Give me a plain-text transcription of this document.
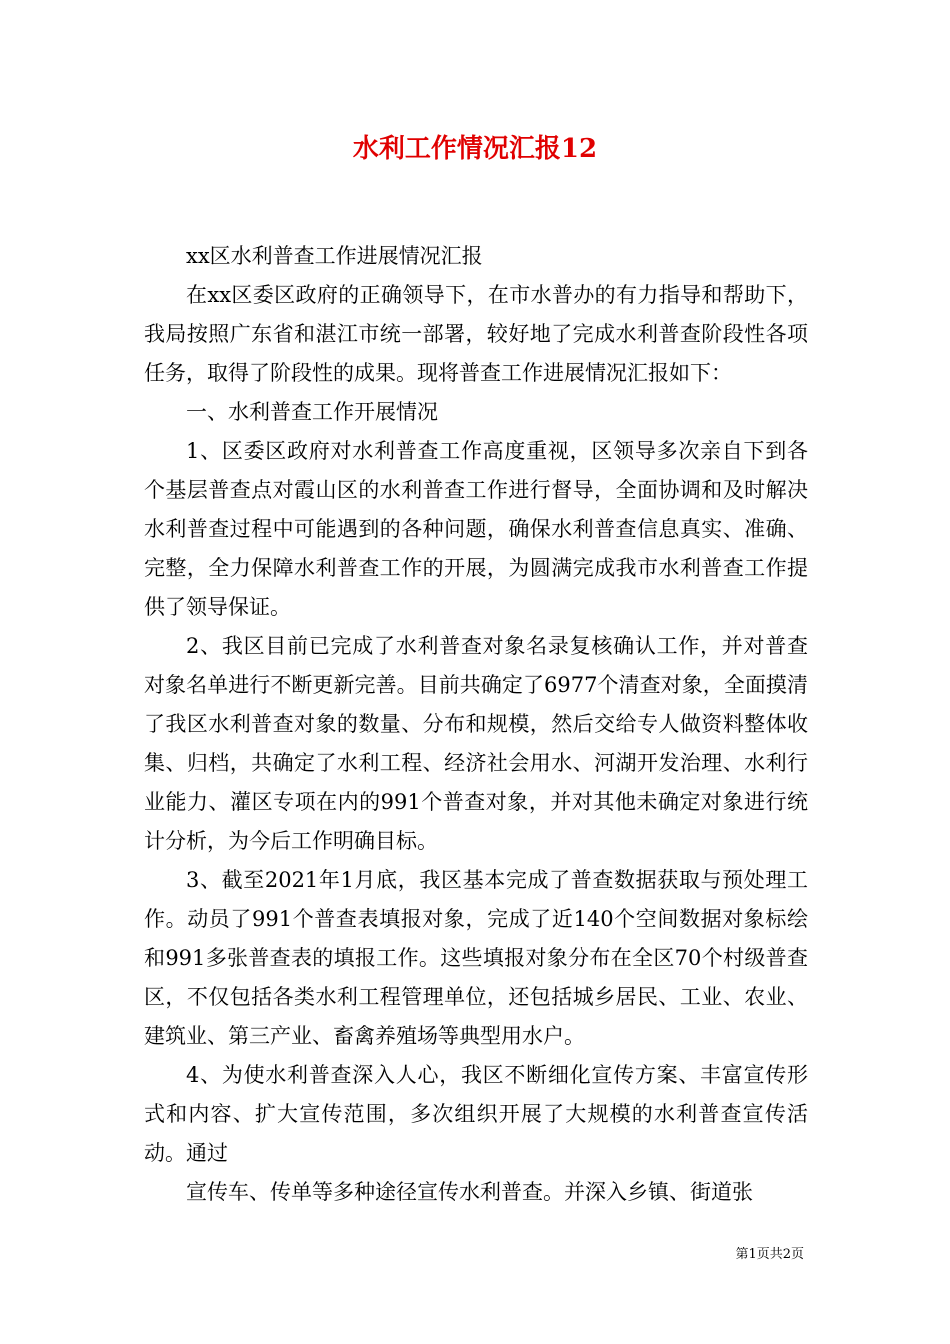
水利工作情况汇报12

xx区水利普查工作进展情况汇报

在xx区委区政府的正确领导下，在市水普办的有力指导和帮助下，我局按照广东省和湛江市统一部署，较好地了完成水利普查阶段性各项任务，取得了阶段性的成果。现将普查工作进展情况汇报如下：

一、水利普查工作开展情况

1、区委区政府对水利普查工作高度重视，区领导多次亲自下到各个基层普查点对霞山区的水利普查工作进行督导，全面协调和及时解决水利普查过程中可能遇到的各种问题，确保水利普查信息真实、准确、完整，全力保障水利普查工作的开展，为圆满完成我市水利普查工作提供了领导保证。

2、我区目前已完成了水利普查对象名录复核确认工作，并对普查对象名单进行不断更新完善。目前共确定了6977个清查对象，全面摸清了我区水利普查对象的数量、分布和规模，然后交给专人做资料整体收集、归档，共确定了水利工程、经济社会用水、河湖开发治理、水利行业能力、灌区专项在内的991个普查对象，并对其他未确定对象进行统计分析，为今后工作明确目标。

3、截至2021年1月底，我区基本完成了普查数据获取与预处理工作。动员了991个普查表填报对象，完成了近140个空间数据对象标绘和991多张普查表的填报工作。这些填报对象分布在全区70个村级普查区，不仅包括各类水利工程管理单位，还包括城乡居民、工业、农业、建筑业、第三产业、畜禽养殖场等典型用水户。

4、为使水利普查深入人心，我区不断细化宣传方案、丰富宣传形式和内容、扩大宣传范围，多次组织开展了大规模的水利普查宣传活动。通过

宣传车、传单等多种途径宣传水利普查。并深入乡镇、街道张

第1页共2页
